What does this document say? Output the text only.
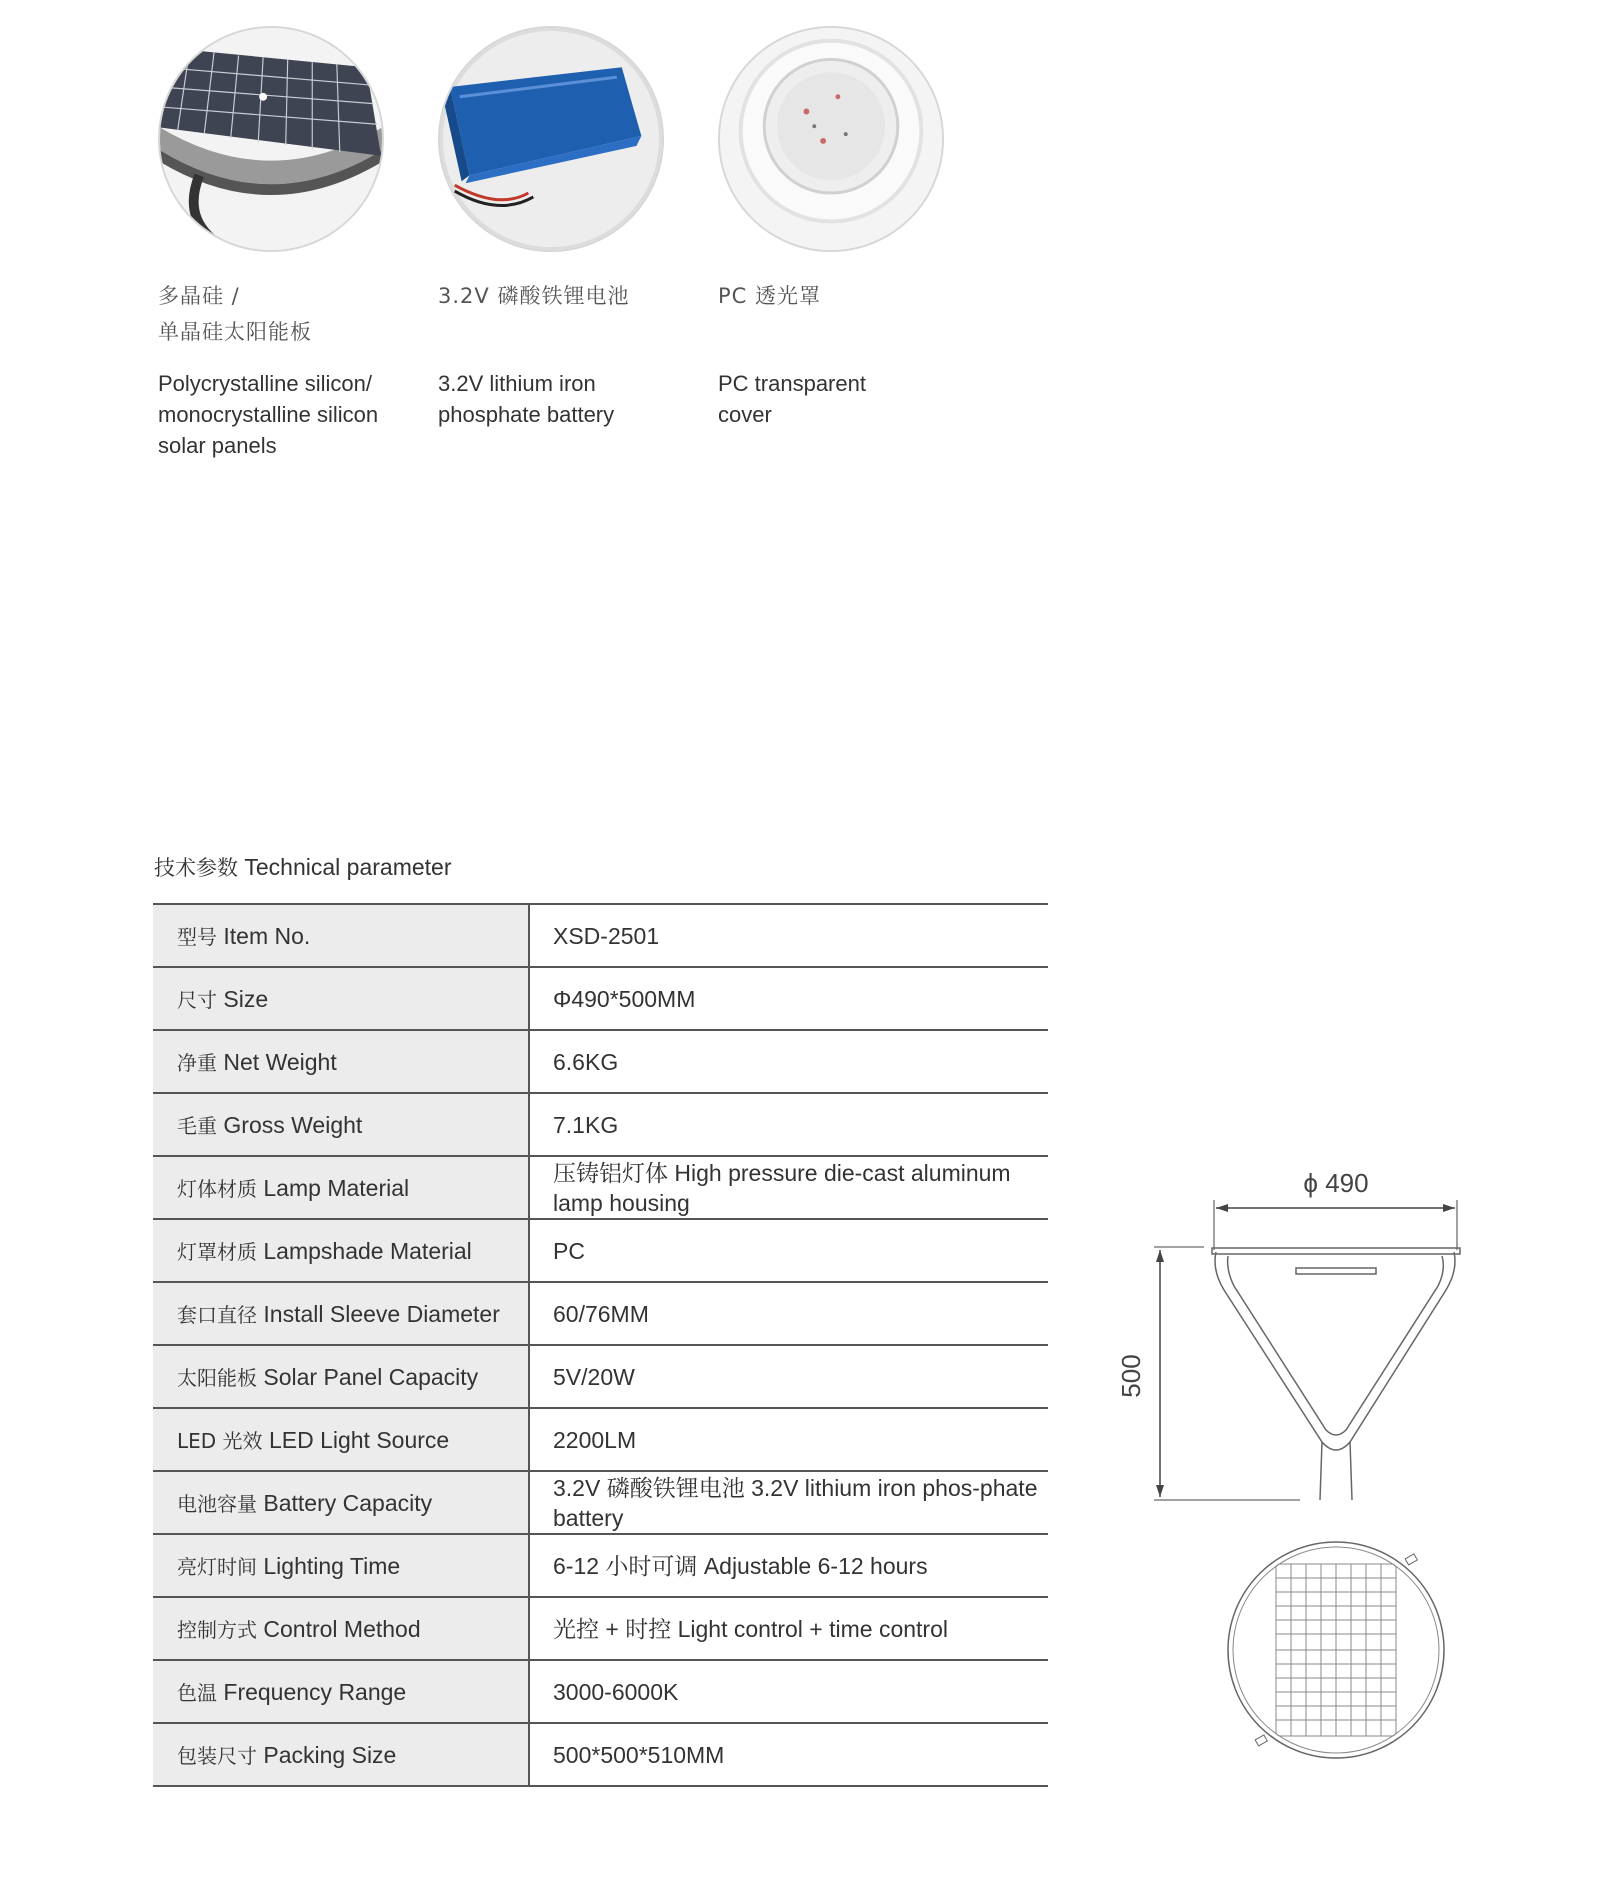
多晶硅 /
单晶硅太阳能板
Polycrystalline silicon/
monocrystalline silicon
solar panels
3.2V 磷酸铁锂电池
3.2V lithium iron
phosphate battery
PC 透光罩
PC transparent
cover
技术参数 Technical parameter
型号 Item No.	XSD-2501
尺寸 Size	Φ490*500MM
净重 Net Weight	6.6KG
毛重 Gross Weight	7.1KG
灯体材质 Lamp Material	压铸铝灯体 High pressure die-cast aluminum lamp housing
灯罩材质 Lampshade Material	PC
套口直径 Install Sleeve Diameter	60/76MM
太阳能板 Solar Panel Capacity	5V/20W
LED 光效 LED Light Source	2200LM
电池容量 Battery Capacity	3.2V 磷酸铁锂电池 3.2V lithium iron phos-phate battery
亮灯时间 Lighting Time	6-12 小时可调 Adjustable 6-12 hours
控制方式 Control Method	光控 + 时控 Light control + time control
色温 Frequency Range	3000-6000K
包装尺寸 Packing Size	500*500*510MM
ϕ 490
500
